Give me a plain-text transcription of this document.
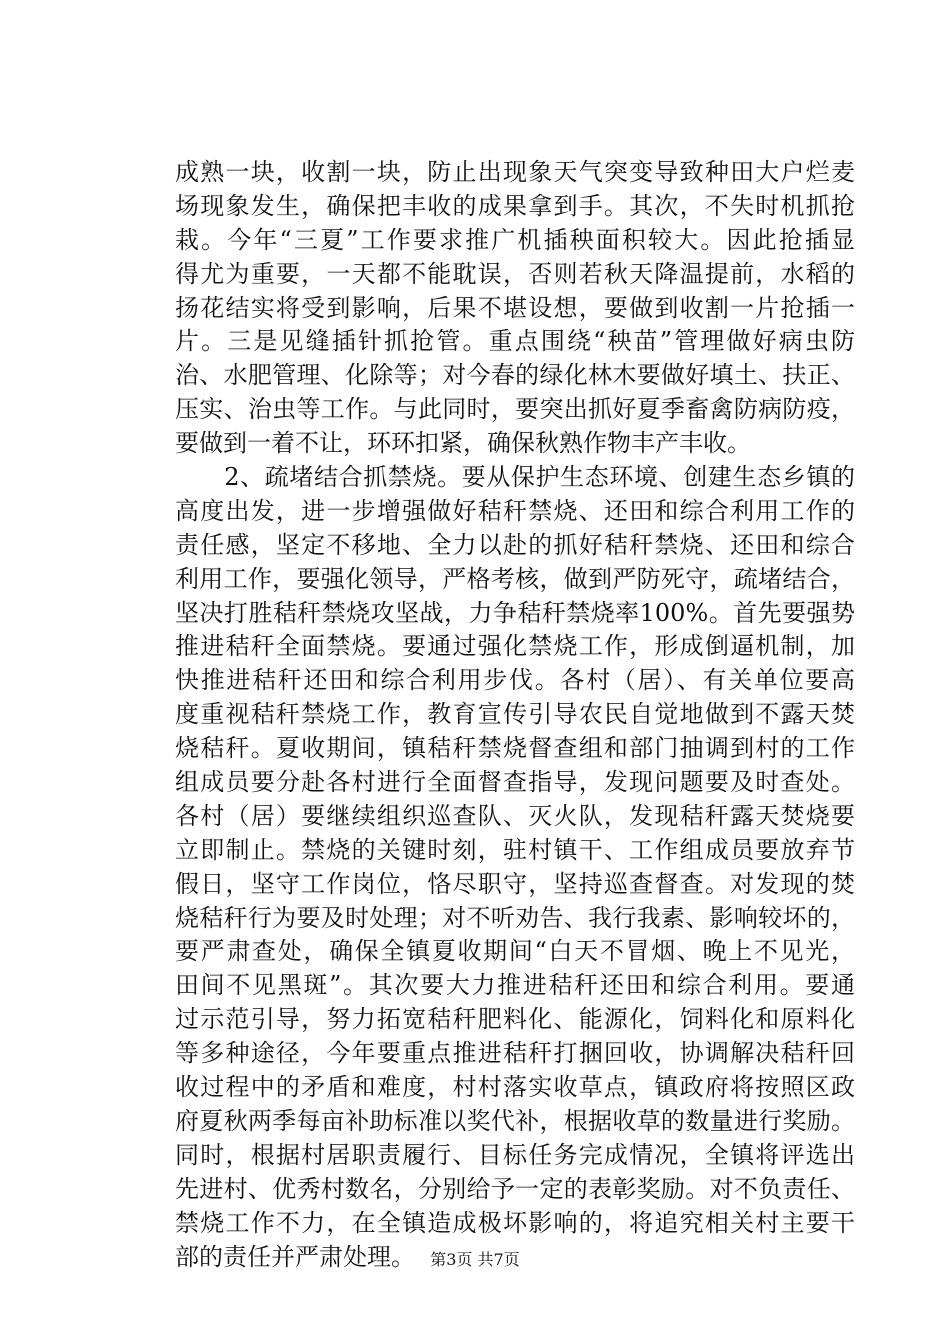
成熟一块，收割一块，防止出现象天气突变导致种田大户烂麦
场现象发生，确保把丰收的成果拿到手。其次，不失时机抓抢
栽。今年“三夏”工作要求推广机插秧面积较大。因此抢插显
得尤为重要，一天都不能耽误，否则若秋天降温提前，水稻的
扬花结实将受到影响，后果不堪设想，要做到收割一片抢插一
片。三是见缝插针抓抢管。重点围绕“秧苗”管理做好病虫防
治、水肥管理、化除等；对今春的绿化林木要做好填土、扶正、
压实、治虫等工作。与此同时，要突出抓好夏季畜禽防病防疫，
要做到一着不让，环环扣紧，确保秋熟作物丰产丰收。
　　2、疏堵结合抓禁烧。要从保护生态环境、创建生态乡镇的
高度出发，进一步增强做好秸秆禁烧、还田和综合利用工作的
责任感，坚定不移地、全力以赴的抓好秸秆禁烧、还田和综合
利用工作，要强化领导，严格考核，做到严防死守，疏堵结合，
坚决打胜秸秆禁烧攻坚战，力争秸秆禁烧率100%。首先要强势
推进秸秆全面禁烧。要通过强化禁烧工作，形成倒逼机制，加
快推进秸秆还田和综合利用步伐。各村（居）、有关单位要高
度重视秸秆禁烧工作，教育宣传引导农民自觉地做到不露天焚
烧秸秆。夏收期间，镇秸秆禁烧督查组和部门抽调到村的工作
组成员要分赴各村进行全面督查指导，发现问题要及时查处。
各村（居）要继续组织巡查队、灭火队，发现秸秆露天焚烧要
立即制止。禁烧的关键时刻，驻村镇干、工作组成员要放弃节
假日，坚守工作岗位，恪尽职守，坚持巡查督查。对发现的焚
烧秸秆行为要及时处理；对不听劝告、我行我素、影响较坏的，
要严肃查处，确保全镇夏收期间“白天不冒烟、晚上不见光，
田间不见黑斑”。其次要大力推进秸秆还田和综合利用。要通
过示范引导，努力拓宽秸秆肥料化、能源化，饲料化和原料化
等多种途径，今年要重点推进秸秆打捆回收，协调解决秸秆回
收过程中的矛盾和难度，村村落实收草点，镇政府将按照区政
府夏秋两季每亩补助标准以奖代补，根据收草的数量进行奖励。
同时，根据村居职责履行、目标任务完成情况，全镇将评选出
先进村、优秀村数名，分别给予一定的表彰奖励。对不负责任、
禁烧工作不力，在全镇造成极坏影响的，将追究相关村主要干
部的责任并严肃处理。 第3页 共7页
